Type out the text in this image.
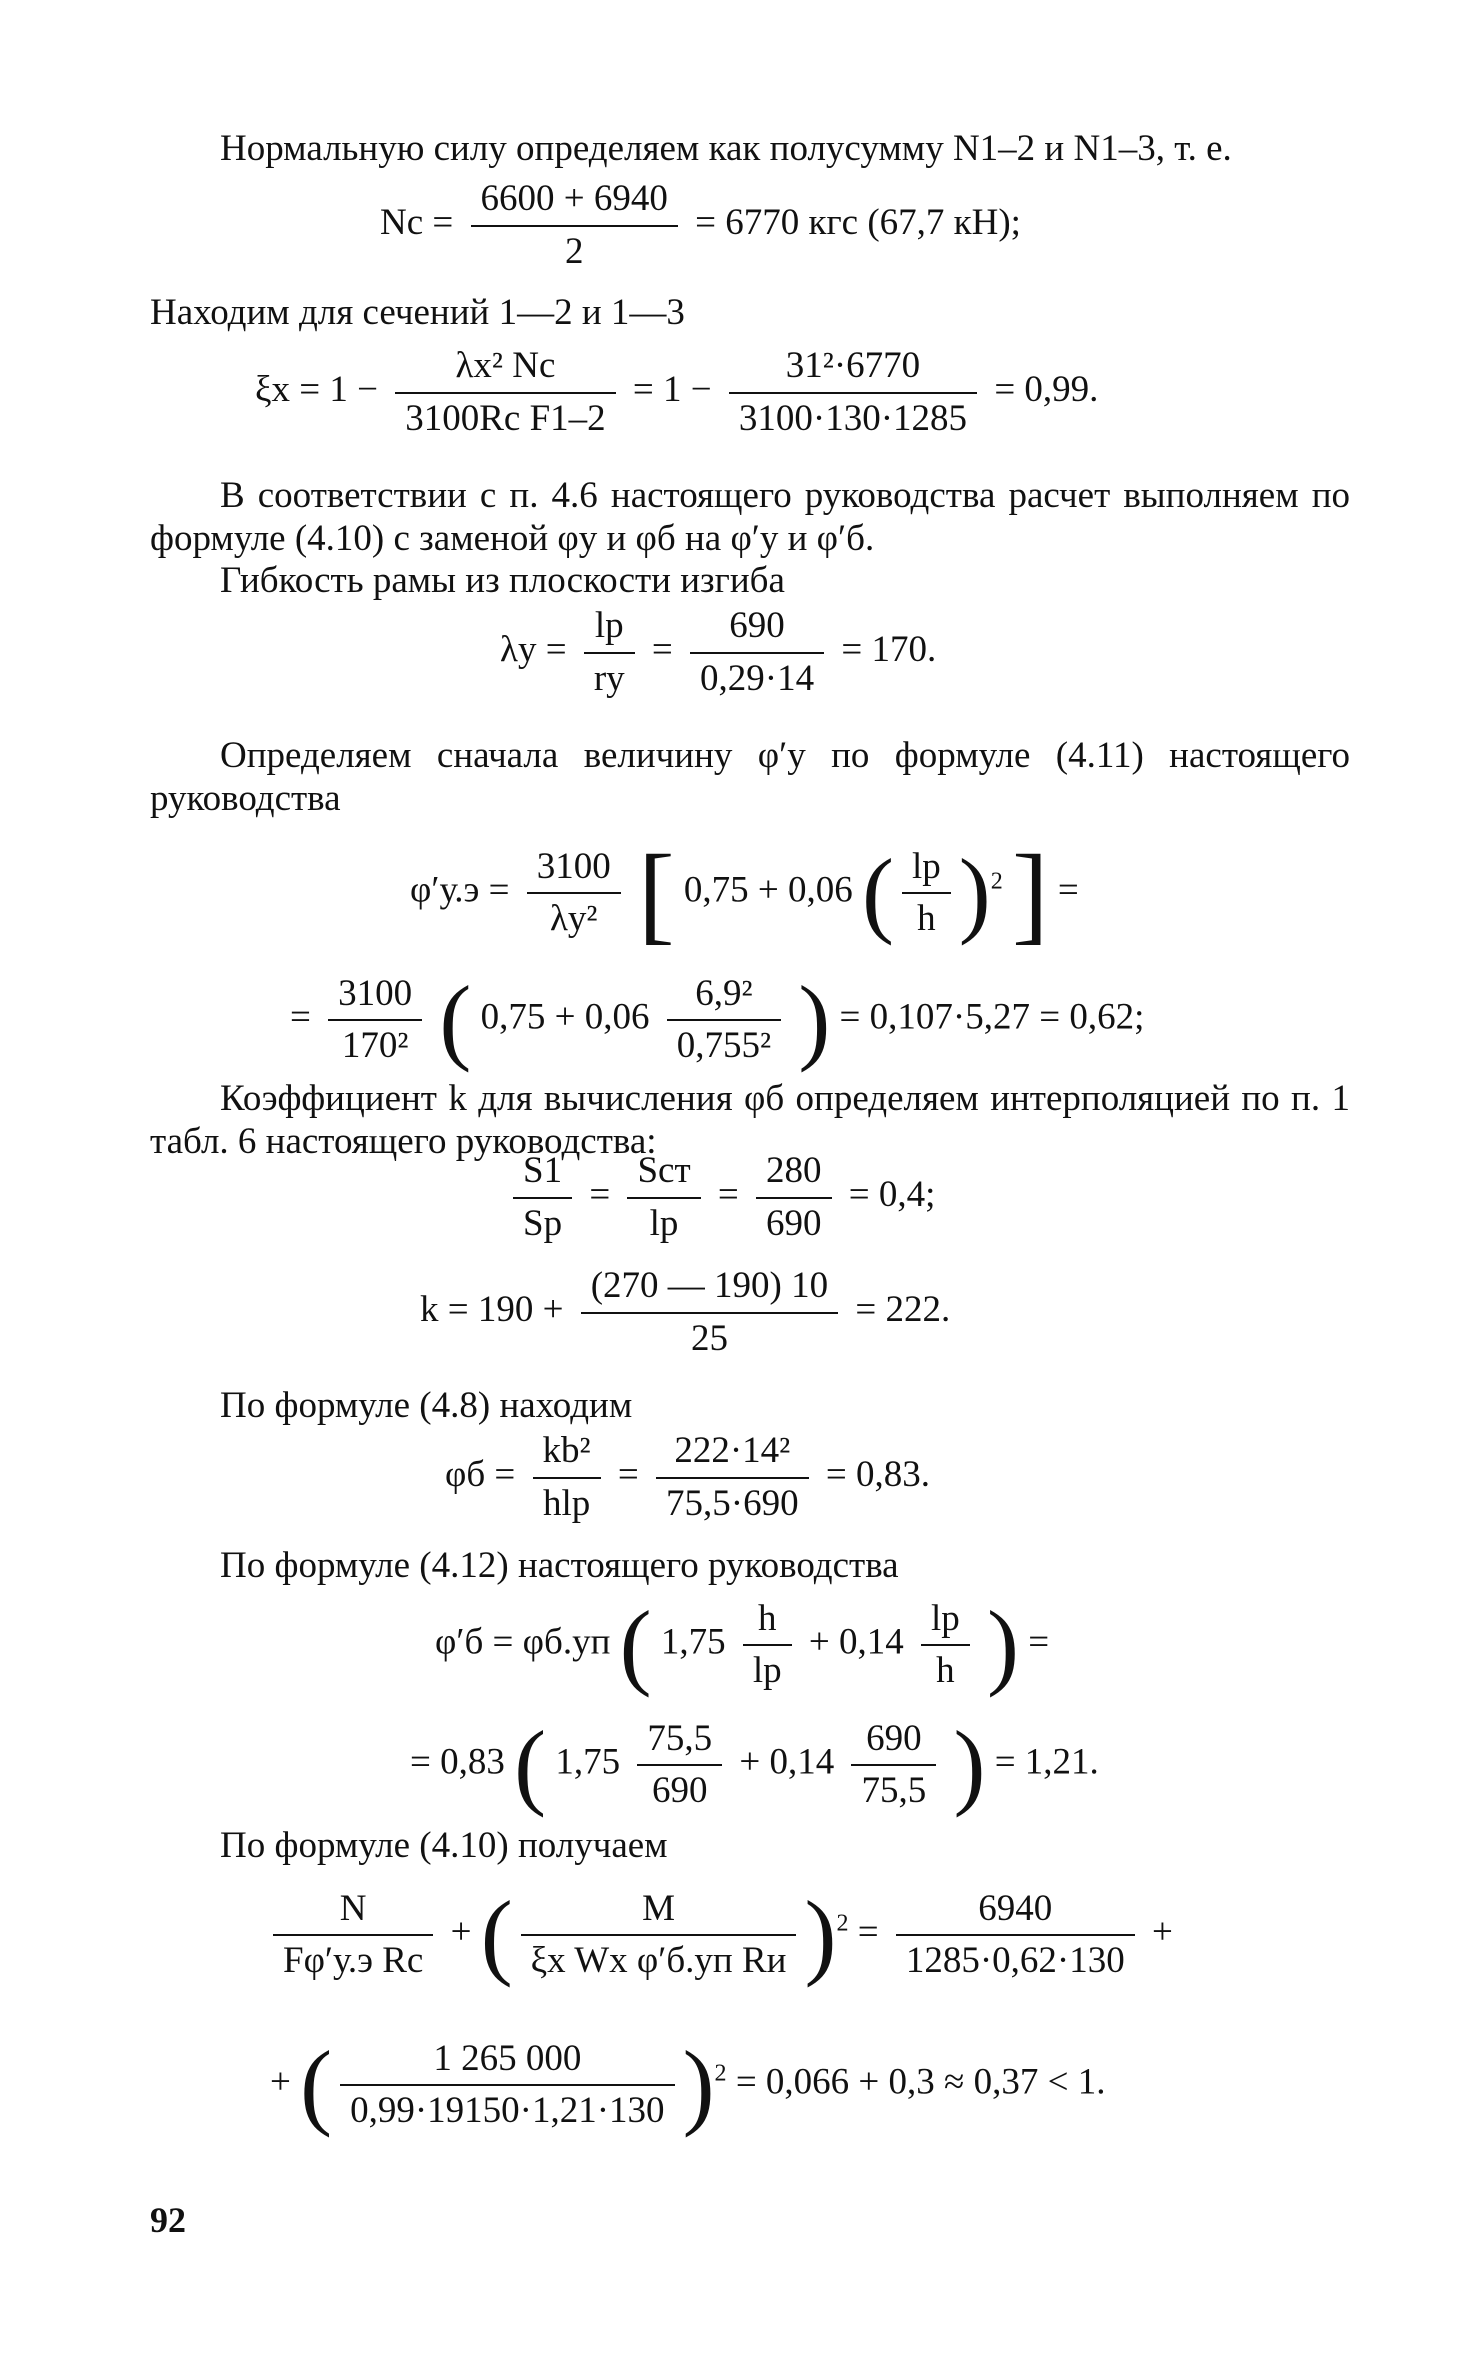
Нормальную силу определяем как полусумму N1–2 и N1–3, т. е.
Nс = $\frac{6600 + 6940}{2} = 6770$ кгс (67,7 кН);
Находим для сечений 1—2 и 1—3
$\xi x = 1 - \frac{\text{λx² Nс}}{\text{3100Rс F1–2}} = 1 - \frac{\text{31²·6770}}{3100\cdot 130\cdot 1285} = 0,99$.
В соответствии с п. 4.6 настоящего руководства расчет выполняем по формуле (4.10) с заменой φу и φб на φ′у и φ′б.
Гибкость рамы из плоскости изгиба
$\lambda у = \frac{lр}{rу} = \frac{690}{0,29\cdot 14} = 170$.
Определяем сначала величину φ′у по формуле (4.11) настоящего руководства
$\varphi'у.э = \frac{3100}{\text{λу²}}$ [ 0,75 + 0,06 ( $\frac{lр}{h} )^2$ ] =
= $\frac{3100}{\text{170²}}$ ( $0,75 + 0,06 \frac{\text{6,9²}}{\text{0,755²}}$ ) = 0,107·5,27 = 0,62;
Коэффициент k для вычисления φб определяем интерполяцией по п. 1 табл. 6 настоящего руководства:
$\frac{S1}{Sр} = \frac{\text{Sст}}{lр} = \frac{280}{690} = 0,4$;
$k = 190 + \frac{(270 — 190) 10}{25} = 222$.
По формуле (4.8) находим
$\varphi б = \frac{\text{kb²}}{\text{hlр}} = \frac{\text{222·14²}}{75,5\cdot 690} = 0,83$.
По формуле (4.12) настоящего руководства
φ′б = φб.уп ( $1,75 \frac{h}{lр} + 0,14 \frac{lр}{h}$ ) =
= 0,83 ( $1,75 \frac{75,5}{690} + 0,14 \frac{690}{75,5}$ ) = 1,21.
По формуле (4.10) получаем
$\frac{N}{\text{Fφ′у.э Rс}}$ + ( $\frac{M}{\text{ξx Wx φ′б.уп Rи}} )^2 = \frac{6940}{1285\cdot 0,62\cdot 130}$ +
+ ( $\frac{1 265 000}{0,99\cdot 19150\cdot 1,21\cdot 130} )^2 = 0,066 + 0,3 \approx 0,37 < 1$.
92
